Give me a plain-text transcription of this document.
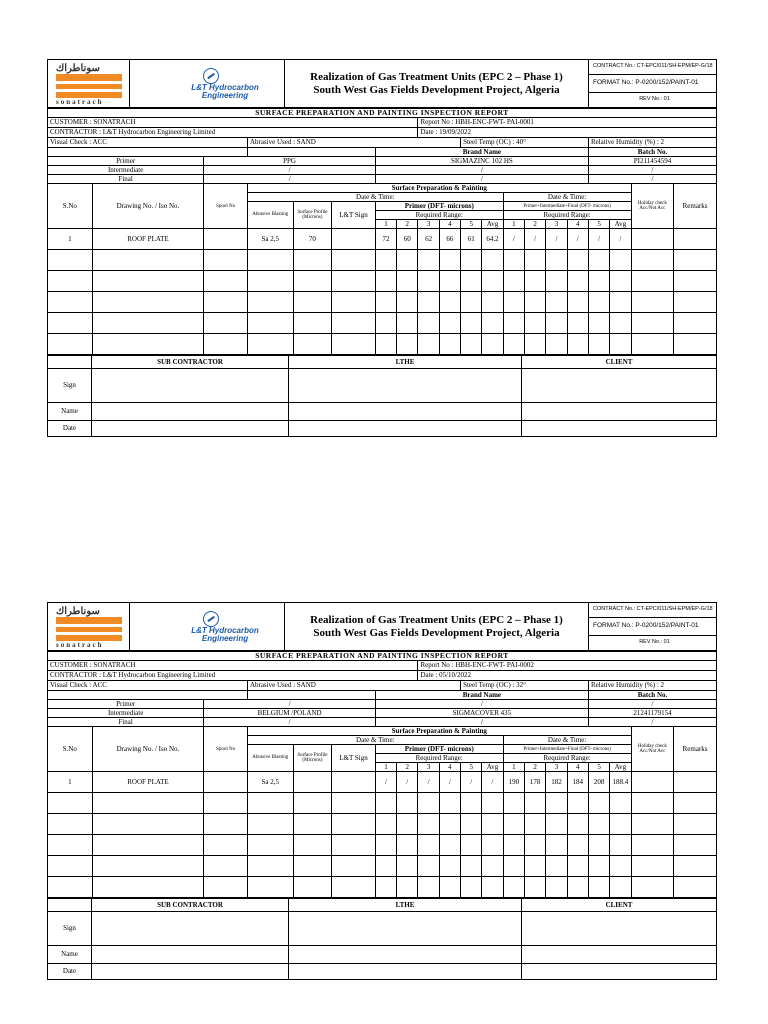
سوناطراك
sonatrach

L&T Hydrocarbon
Engineering

Realization of Gas Treatment Units (EPC 2 – Phase 1)
South West Gas Fields Development Project, Algeria

CONTRACT No.: CT-EPC/011/SH-EPM/EP-G/18
FORMAT No.: P-0200/152/PAINT-01
REV No.: 01
SURFACE PREPARATION AND PAINTING INSPECTION REPORT																			
CUSTOMER : SONATRACH								Report No : HBH-ENC-FWT- PAI-0001											
CONTRACTOR : L&T Hydrocarbon Engineering Limited								Date : 19/09/2022											
Visual Check : ACC			Abrasive Used : SAND							Steel Temp (OC) : 40°						Relative Humidity (%) : 2			
						Brand Name										Batch No.			
Primer		PPG				SIGMAZINC 102 HS										PI211454594			
Intermediate		/				/										/			
Final		/				/										/			
S.No	Drawing No. / Iso No.	Spool No	Surface Preparation & Painting															Holiday check Acc/Not Acc	Remarks
			Date & Time:									Date & Time:							
			Abrasive Blasting	Surface Profile (Microns)	L&T Sign	Primer (DFT- microns)						Primer+Intermediate+Final (DFT- microns)							
						Required Range:						Required Range:							
						1	2	3	4	5	Avg	1	2	3	4	5	Avg		
1	ROOF PLATE		Sa 2,5	70		72	60	62	66	61	64.2	/	/	/	/	/	/		

	SUB CONTRACTOR	LTHE	CLIENT
Sign			
Name			
Date			
سوناطراك
sonatrach

L&T Hydrocarbon
Engineering

Realization of Gas Treatment Units (EPC 2 – Phase 1)
South West Gas Fields Development Project, Algeria

CONTRACT No.: CT-EPC/011/SH-EPM/EP-G/18
FORMAT No.: P-0200/152/PAINT-01
REV No.: 01
SURFACE PREPARATION AND PAINTING INSPECTION REPORT																			
CUSTOMER : SONATRACH								Report No : HBH-ENC-FWT- PAI-0002											
CONTRACTOR : L&T Hydrocarbon Engineering Limited								Date : 05/10/2022											
Visual Check : ACC			Abrasive Used : SAND							Steel Temp (OC) : 32°						Relative Humidity (%) : 2			
						Brand Name										Batch No.			
Primer		/				/										/			
Intermediate		BELGIUM /POLAND				SIGMACOVER 435										21241179154			
Final		/				/										/			
S.No	Drawing No. / Iso No.	Spool No	Surface Preparation & Painting															Holiday check Acc/Not Acc	Remarks
			Date & Time:									Date & Time:							
			Abrasive Blasting	Surface Profile (Microns)	L&T Sign	Primer (DFT- microns)						Primer+Intermediate+Final (DFT- microns)							
						Required Range:						Required Range:							
						1	2	3	4	5	Avg	1	2	3	4	5	Avg		
1	ROOF PLATE		Sa 2,5			/	/	/	/	/	/	190	178	182	184	208	188.4		

	SUB CONTRACTOR	LTHE	CLIENT
Sign			
Name			
Date			
